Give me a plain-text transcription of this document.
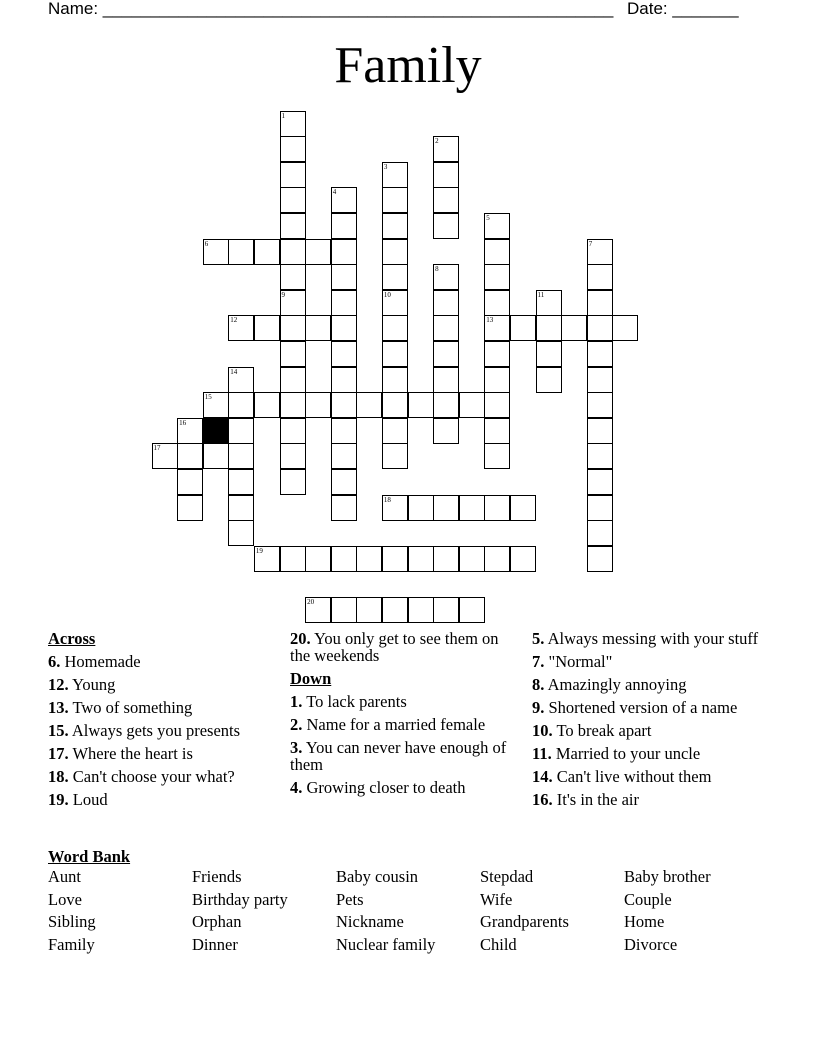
Name: ______________________________________________________ Date: _______
Family
1
9
2
3
10
4
5
13
6	7
8
11
12
14
15
16
17
18
19
20
Across
6. Homemade
12. Young
13. Two of something
15. Always gets you presents
17. Where the heart is
18. Can't choose your what?
19. Loud
20. You only get to see them on the weekends
Down
1. To lack parents
2. Name for a married female
3. You can never have enough of them
4. Growing closer to death
5. Always messing with your stuff
7. "Normal"
8. Amazingly annoying
9. Shortened version of a name
10. To break apart
11. Married to your uncle
14. Can't live without them
16. It's in the air
Word Bank
Aunt	Friends	Baby cousin	Stepdad	Baby brother
Love	Birthday party	Pets	Wife	Couple
Sibling	Orphan	Nickname	Grandparents	Home
Family	Dinner	Nuclear family	Child	Divorce
